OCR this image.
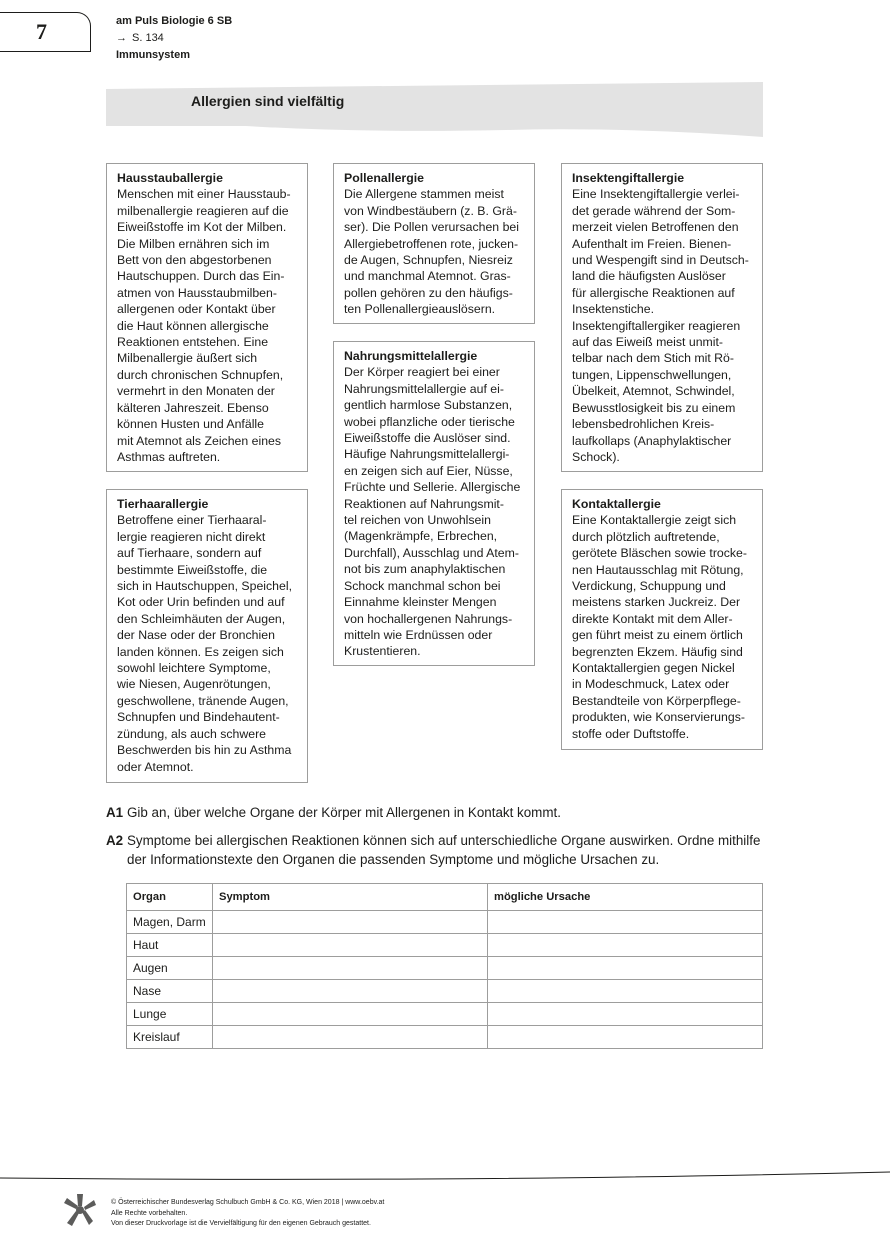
7	am Puls Biologie 6 SB
→ S. 134
Immunsystem
Allergien sind vielfältig
Hausstauballergie

Menschen mit einer Hausstaub-

milbenallergie reagieren auf die

Eiweißstoffe im Kot der Milben.

Die Milben ernähren sich im

Bett von den abgestorbenen

Hautschuppen. Durch das Ein-

atmen von Hausstaubmilben-

allergenen oder Kontakt über

die Haut können allergische

Reaktionen entstehen. Eine

Milbenallergie äußert sich

durch chronischen Schnupfen,

vermehrt in den Monaten der

kälteren Jahreszeit. Ebenso

können Husten und Anfälle

mit Atemnot als Zeichen eines

Asthmas auftreten.

Tierhaarallergie

Betroffene einer Tierhaaral-

lergie reagieren nicht direkt

auf Tierhaare, sondern auf

bestimmte Eiweißstoffe, die

sich in Hautschuppen, Speichel,

Kot oder Urin befinden und auf

den Schleimhäuten der Augen,

der Nase oder der Bronchien

landen können. Es zeigen sich

sowohl leichtere Symptome,

wie Niesen, Augenrötungen,

geschwollene, tränende Augen,

Schnupfen und Bindehautent-

zündung, als auch schwere

Beschwerden bis hin zu Asthma

oder Atemnot.

Pollenallergie

Die Allergene stammen meist

von Windbestäubern (z. B. Grä-

ser). Die Pollen verursachen bei

Allergiebetroffenen rote, jucken-

de Augen, Schnupfen, Niesreiz

und manchmal Atemnot. Gras-

pollen gehören zu den häufigs-

ten Pollenallergieauslösern.

Nahrungsmittelallergie

Der Körper reagiert bei einer

Nahrungsmittelallergie auf ei-

gentlich harmlose Substanzen,

wobei pflanzliche oder tierische

Eiweißstoffe die Auslöser sind.

Häufige Nahrungsmittelallergi-

en zeigen sich auf Eier, Nüsse,

Früchte und Sellerie. Allergische

Reaktionen auf Nahrungsmit-

tel reichen von Unwohlsein

(Magenkrämpfe, Erbrechen,

Durchfall), Ausschlag und Atem-

not bis zum anaphylaktischen

Schock manchmal schon bei

Einnahme kleinster Mengen

von hochallergenen Nahrungs-

mitteln wie Erdnüssen oder

Krustentieren.

Insektengiftallergie

Eine Insektengiftallergie verlei-

det gerade während der Som-

merzeit vielen Betroffenen den

Aufenthalt im Freien. Bienen-

und Wespengift sind in Deutsch-

land die häufigsten Auslöser

für allergische Reaktionen auf

Insektenstiche.

Insektengiftallergiker reagieren

auf das Eiweiß meist unmit-

telbar nach dem Stich mit Rö-

tungen, Lippenschwellungen,

Übelkeit, Atemnot, Schwindel,

Bewusstlosigkeit bis zu einem

lebensbedrohlichen Kreis-

laufkollaps (Anaphylaktischer

Schock).

Kontaktallergie

Eine Kontaktallergie zeigt sich

durch plötzlich auftretende,

gerötete Bläschen sowie trocke-

nen Hautausschlag mit Rötung,

Verdickung, Schuppung und

meistens starken Juckreiz. Der

direkte Kontakt mit dem Aller-

gen führt meist zu einem örtlich

begrenzten Ekzem. Häufig sind

Kontaktallergien gegen Nickel

in Modeschmuck, Latex oder

Bestandteile von Körperpflege-

produkten, wie Konservierungs-

stoffe oder Duftstoffe.

A1 Gib an, über welche Organe der Körper mit Allergenen in Kontakt kommt.
A2 Symptome bei allergischen Reaktionen können sich auf unterschiedliche Organe auswirken. Ordne mithilfe der Informationstexte den Organen die passenden Symptome und mögliche Ursachen zu.
Organ	Symptom	mögliche Ursache
Magen, Darm		
Haut		
Augen		
Nase		
Lunge		
Kreislauf		
© Österreichischer Bundesverlag Schulbuch GmbH & Co. KG, Wien 2018 | www.oebv.at
Alle Rechte vorbehalten.
Von dieser Druckvorlage ist die Vervielfältigung für den eigenen Gebrauch gestattet.
